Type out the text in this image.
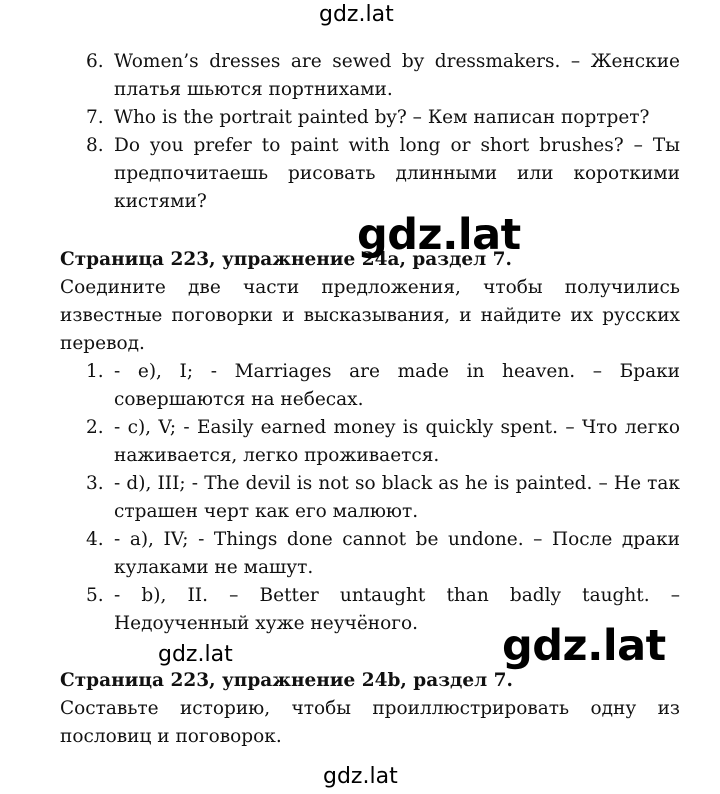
gdz.lat
6. Women’s dresses are sewed by dressmakers. – Женские платья шьются портнихами.
7. Who is the portrait painted by? – Кем написан портрет?
8. Do you prefer to paint with long or short brushes? – Ты предпочитаешь рисовать длинными или короткими кистями?
Страница 223, упражнение 24a, раздел 7.
gdz.lat

Соедините две части предложения, чтобы получились известные поговорки и высказывания, и найдите их русских перевод.

1. - e), I; - Marriages are made in heaven. – Браки совершаются на небесах.
2. - c), V; - Easily earned money is quickly spent. – Что легко наживается, легко проживается.
3. - d), III; - The devil is not so black as he is painted. – Не так страшен черт как его малюют.
4. - a), IV; - Things done cannot be undone. – После драки кулаками не машут.
5. - b), II. – Better untaught than badly taught. – Недоученный хуже неучёного.	gdz.lat
gdz.lat
Страница 223, упражнение 24b, раздел 7.

Составьте историю, чтобы проиллюстрировать одну из пословиц и поговорок.

gdz.lat
